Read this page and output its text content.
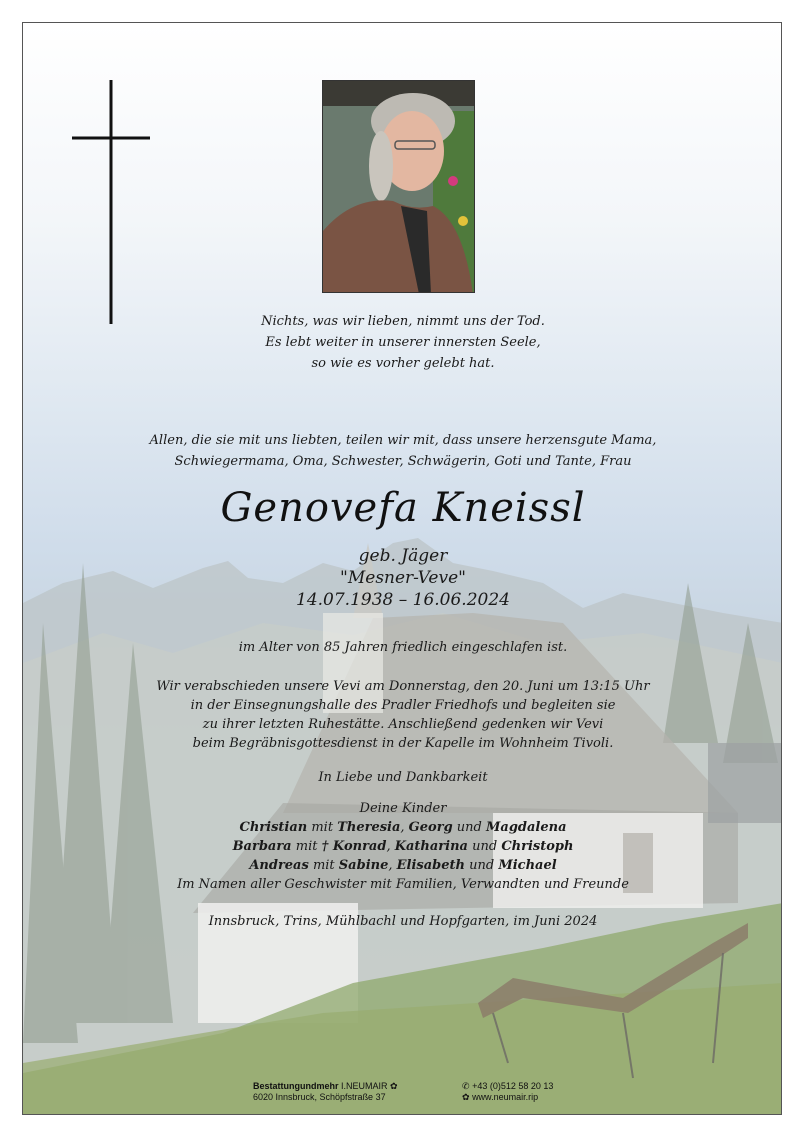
Nichts, was wir lieben, nimmt uns der Tod.
Es lebt weiter in unserer innersten Seele,
so wie es vorher gelebt hat.
Allen, die sie mit uns liebten, teilen wir mit, dass unsere herzensgute Mama,
Schwiegermama, Oma, Schwester, Schwägerin, Goti und Tante, Frau
Genovefa Kneissl
geb. Jäger
"Mesner-Veve"
14.07.1938 – 16.06.2024
im Alter von 85 Jahren friedlich eingeschlafen ist.
Wir verabschieden unsere Vevi am Donnerstag, den 20. Juni um 13:15 Uhr
in der Einsegnungshalle des Pradler Friedhofs und begleiten sie
zu ihrer letzten Ruhestätte. Anschließend gedenken wir Vevi
beim Begräbnisgottesdienst in der Kapelle im Wohnheim Tivoli.
In Liebe und Dankbarkeit
Deine Kinder
Christian mit Theresia, Georg und Magdalena
Barbara mit † Konrad, Katharina und Christoph
Andreas mit Sabine, Elisabeth und Michael
Im Namen aller Geschwister mit Familien, Verwandten und Freunde
Innsbruck, Trins, Mühlbachl und Hopfgarten, im Juni 2024
Bestattungundmehr I.NEUMAIR ✿
6020 Innsbruck, Schöpfstraße 37
✆ +43 (0)512 58 20 13
✿ www.neumair.rip
